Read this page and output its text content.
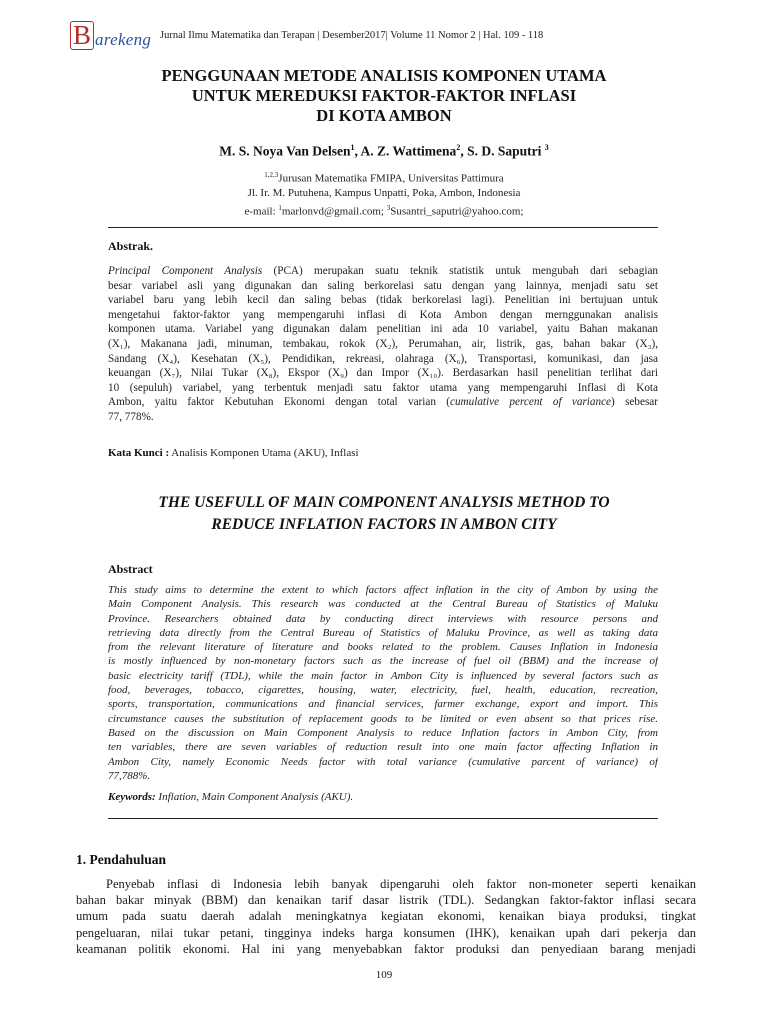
B arekeng Jurnal Ilmu Matematika dan Terapan | Desember2017| Volume 11 Nomor 2 | Hal. 109 - 118
PENGGUNAAN METODE ANALISIS KOMPONEN UTAMA
UNTUK MEREDUKSI FAKTOR-FAKTOR INFLASI
DI KOTA AMBON
M. S. Noya Van Delsen$^1$, A. Z. Wattimena$^2$, S. D. Saputri $^3$
$^{1,2,3}$Jurusan Matematika FMIPA, Universitas Pattimura
Jl. Ir. M. Putuhena, Kampus Unpatti, Poka, Ambon, Indonesia
e-mail: $^1$marlonvd@gmail.com; $^3$Susantri_saputri@yahoo.com;
Abstrak.
Principal Component Analysis (PCA) merupakan suatu teknik statistik untuk mengubah dari sebagian
besar variabel asli yang digunakan dan saling berkorelasi satu dengan yang lainnya, menjadi satu set
variabel baru yang lebih kecil dan saling bebas (tidak berkorelasi lagi). Penelitian ini bertujuan untuk
mengetahui faktor-faktor yang mempengaruhi inflasi di Kota Ambon dengan mernggunakan analisis
komponen utama. Variabel yang digunakan dalam penelitian ini ada 10 variabel, yaitu Bahan makanan
(X₁), Makanana jadi, minuman, tembakau, rokok (X₂), Perumahan, air, listrik, gas, bahan bakar (X₃),
Sandang (X₄), Kesehatan (X₅), Pendidikan, rekreasi, olahraga (X₆), Transportasi, komunikasi, dan jasa
keuangan (X₇), Nilai Tukar (X₈), Ekspor (X₉) dan Impor (X₁₀). Berdasarkan hasil penelitian terlihat dari
10 (sepuluh) variabel, yang terbentuk menjadi satu faktor utama yang mempengaruhi Inflasi di Kota
Ambon, yaitu faktor Kebutuhan Ekonomi dengan total varian (cumulative percent of variance) sebesar
77, 778%.
Kata Kunci : Analisis Komponen Utama (AKU), Inflasi
THE USEFULL OF MAIN COMPONENT ANALYSIS METHOD TO
REDUCE INFLATION FACTORS IN AMBON CITY
Abstract
This study aims to determine the extent to which factors affect inflation in the city of Ambon by using the
Main Component Analysis. This research was conducted at the Central Bureau of Statistics of Maluku
Province. Researchers obtained data by conducting direct interviews with resource persons and
retrieving data directly from the Central Bureau of Statistics of Maluku Province, as well as taking data
from the relevant literature of literature and books related to the problem. Causes Inflation in Indonesia
is mostly influenced by non-monetary factors such as the increase of fuel oil (BBM) and the increase of
basic electricity tariff (TDL), while the main factor in Ambon City is influenced by several factors such as
food, beverages, tobacco, cigarettes, housing, water, electricity, fuel, health, education, recreation,
sports, transportation, communications and financial services, farmer exchange, export and import. This
circumstance causes the substitution of replacement goods to be limited or even absent so that prices rise.
Based on the discussion on Main Component Analysis to reduce Inflation factors in Ambon City, from
ten variables, there are seven variables of reduction result into one main factor affecting Inflation in
Ambon City, namely Economic Needs factor with total variance (cumulative parcent of variance) of
77,788%.
Keywords: Inflation, Main Component Analysis (AKU).
1. Pendahuluan
Penyebab inflasi di Indonesia lebih banyak dipengaruhi oleh faktor non-moneter seperti kenaikan
bahan bakar minyak (BBM) dan kenaikan tarif dasar listrik (TDL). Sedangkan faktor-faktor inflasi secara
umum pada suatu daerah adalah meningkatnya kegiatan ekonomi, kenaikan biaya produksi, tingkat
pengeluaran, nilai tukar petani, tingginya indeks harga konsumen (IHK), kenaikan upah dari pekerja dan
keamanan politik ekonomi. Hal ini yang menyebabkan faktor produksi dan penyediaan barang menjadi
109
